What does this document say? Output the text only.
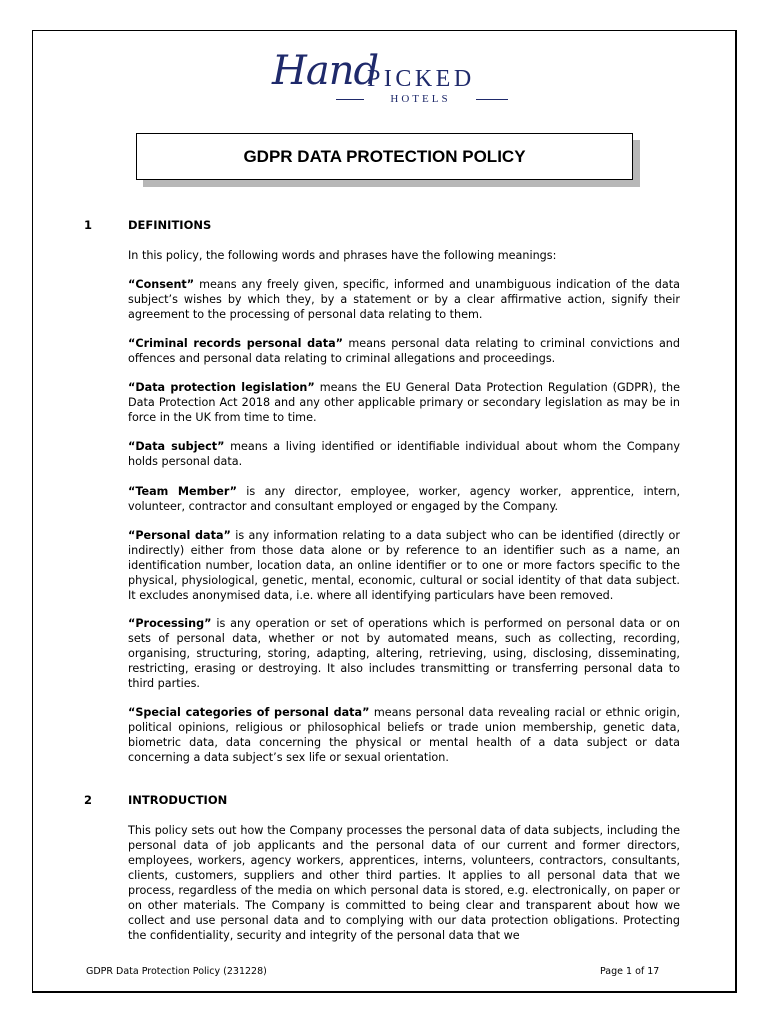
Hand
PICKED
HOTELS
GDPR DATA PROTECTION POLICY
1	DEFINITIONS
In this policy, the following words and phrases have the following meanings:
“Consent” means any freely given, specific, informed and unambiguous indication of the data subject’s wishes by which they, by a statement or by a clear affirmative action, signify their agreement to the processing of personal data relating to them.
“Criminal records personal data” means personal data relating to criminal convictions and offences and personal data relating to criminal allegations and proceedings.
“Data protection legislation” means the EU General Data Protection Regulation (GDPR), the Data Protection Act 2018 and any other applicable primary or secondary legislation as may be in force in the UK from time to time.
“Data subject” means a living identified or identifiable individual about whom the Company holds personal data.
“Team Member” is any director, employee, worker, agency worker, apprentice, intern, volunteer, contractor and consultant employed or engaged by the Company.
“Personal data” is any information relating to a data subject who can be identified (directly or indirectly) either from those data alone or by reference to an identifier such as a name, an identification number, location data, an online identifier or to one or more factors specific to the physical, physiological, genetic, mental, economic, cultural or social identity of that data subject. It excludes anonymised data, i.e. where all identifying particulars have been removed.
“Processing” is any operation or set of operations which is performed on personal data or on sets of personal data, whether or not by automated means, such as collecting, recording, organising, structuring, storing, adapting, altering, retrieving, using, disclosing, disseminating, restricting, erasing or destroying. It also includes transmitting or transferring personal data to third parties.
“Special categories of personal data” means personal data revealing racial or ethnic origin, political opinions, religious or philosophical beliefs or trade union membership, genetic data, biometric data, data concerning the physical or mental health of a data subject or data concerning a data subject’s sex life or sexual orientation.
2	INTRODUCTION
This policy sets out how the Company processes the personal data of data subjects, including the personal data of job applicants and the personal data of our current and former directors, employees, workers, agency workers, apprentices, interns, volunteers, contractors, consultants, clients, customers, suppliers and other third parties. It applies to all personal data that we process, regardless of the media on which personal data is stored, e.g. electronically, on paper or on other materials. The Company is committed to being clear and transparent about how we collect and use personal data and to complying with our data protection obligations. Protecting the confidentiality, security and integrity of the personal data that we
GDPR Data Protection Policy (231228)	Page 1 of 17
